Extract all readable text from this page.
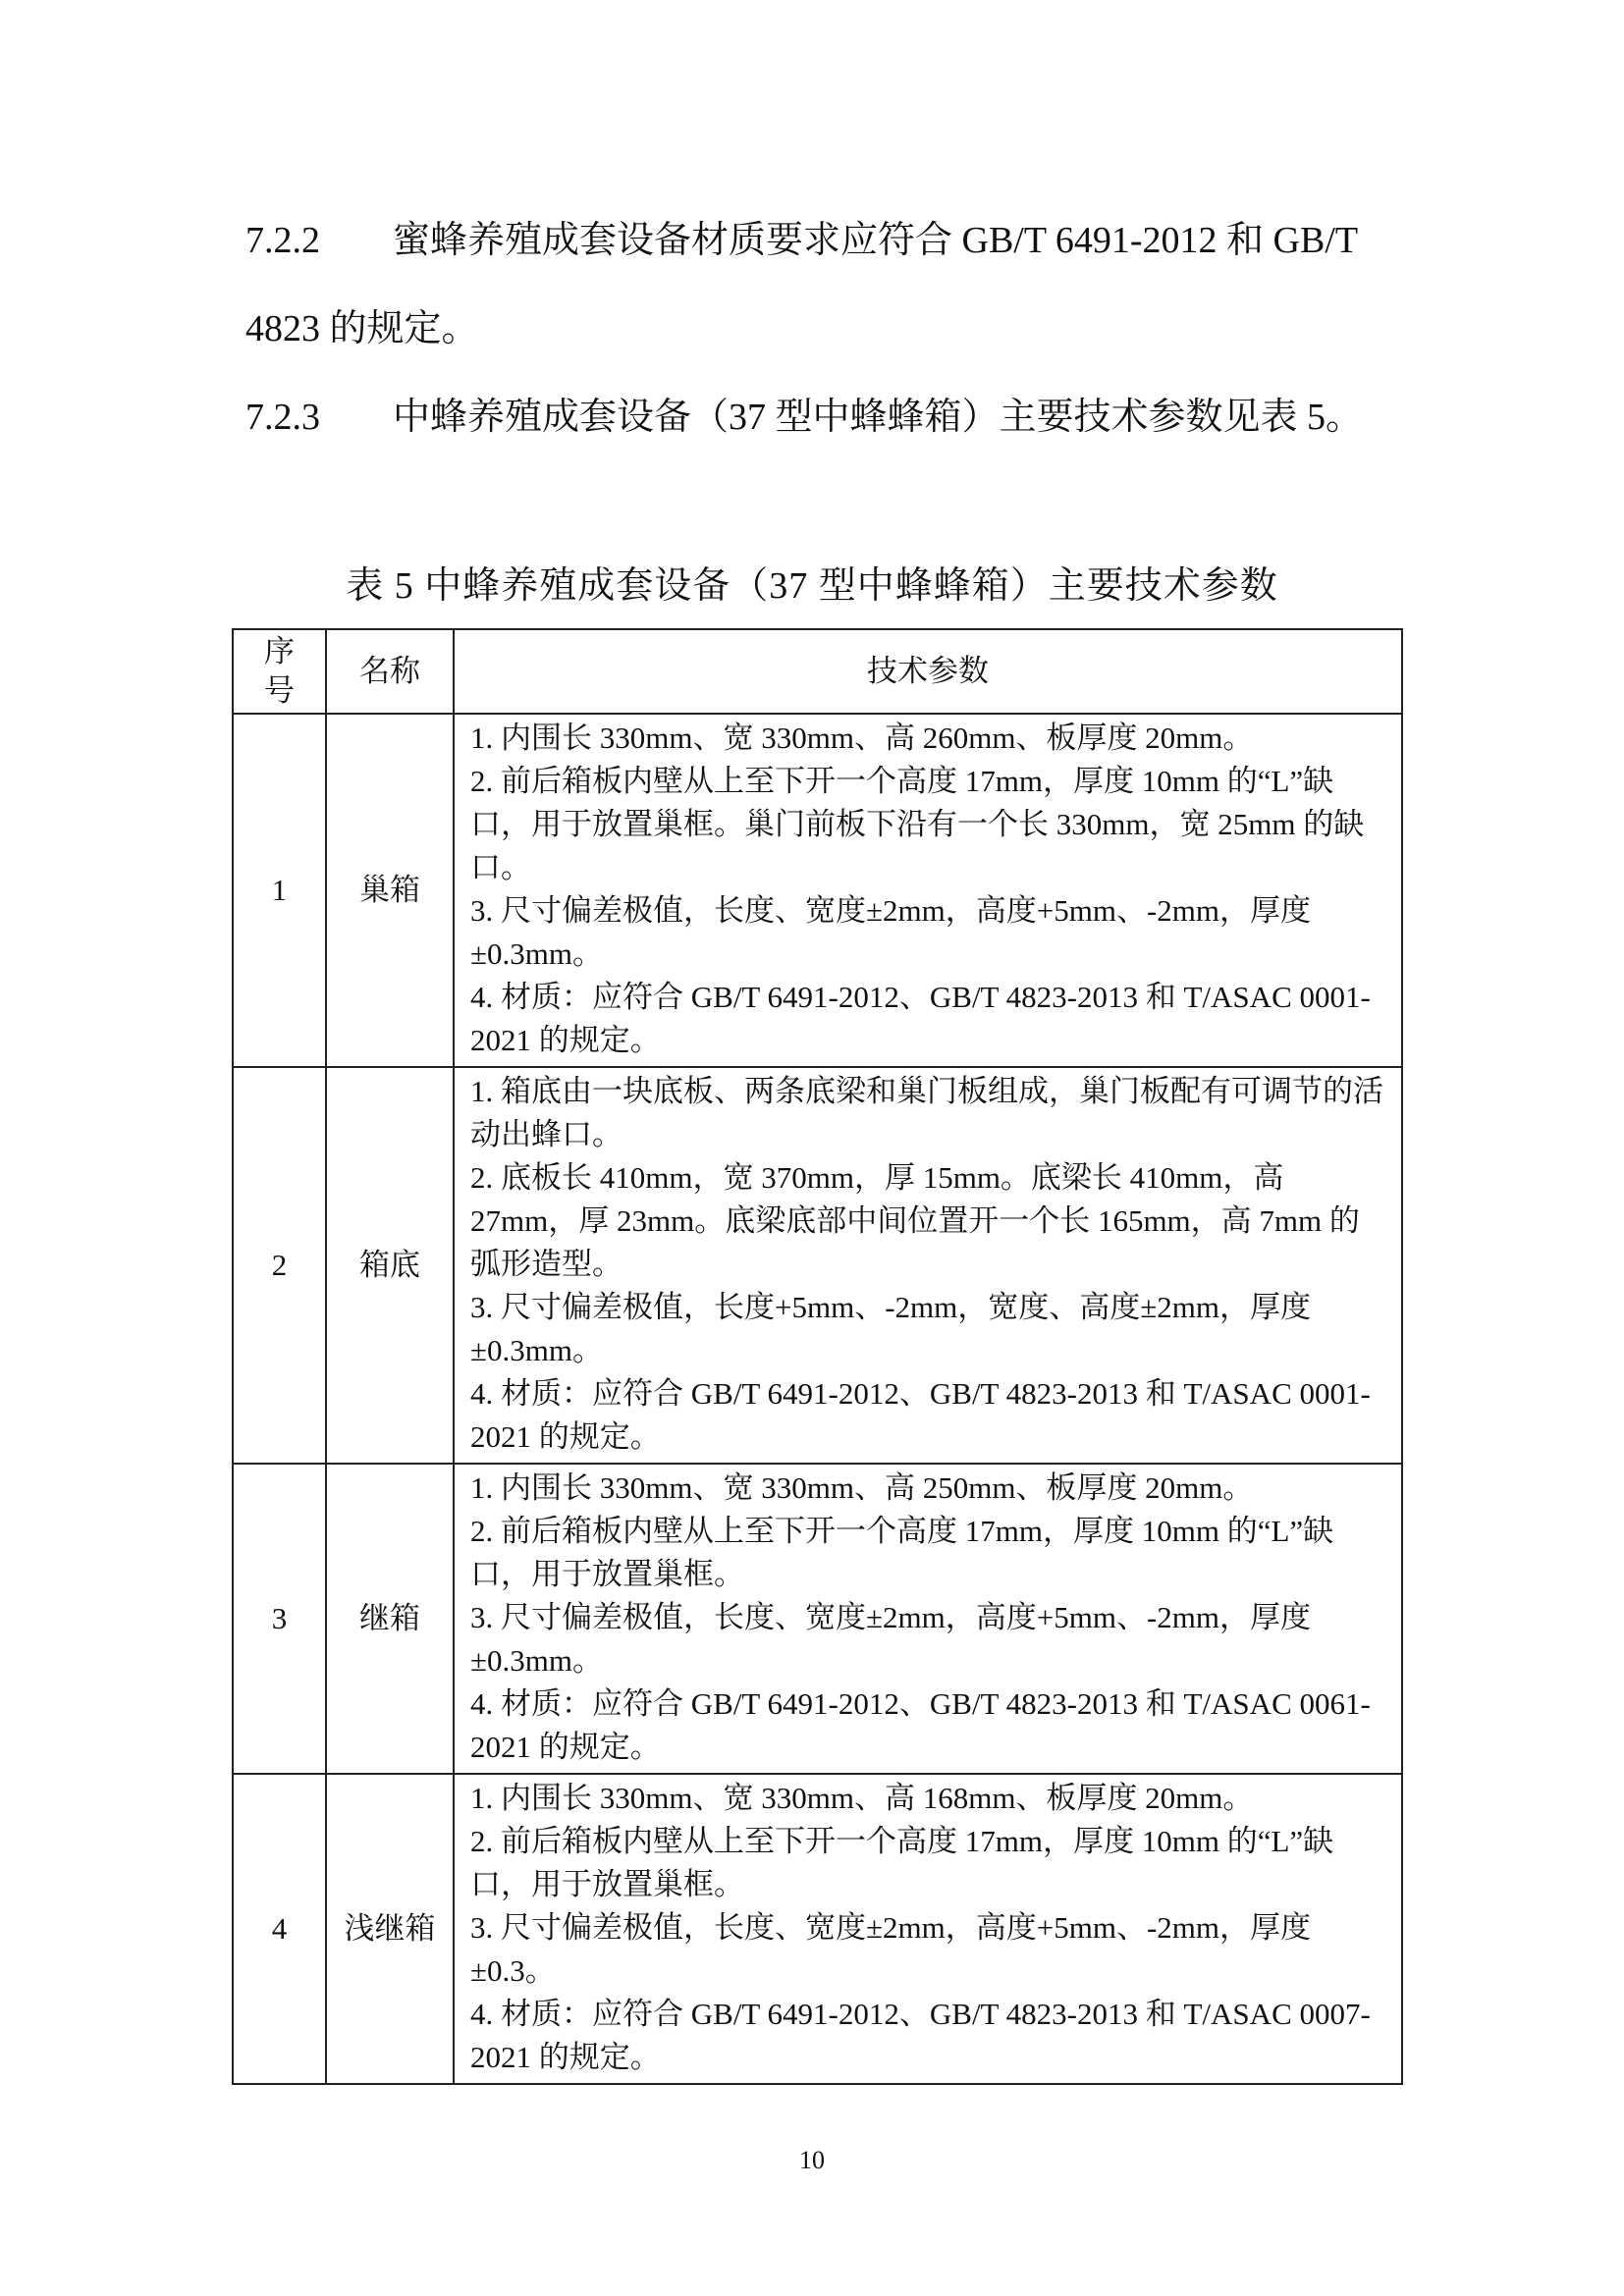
7.2.2 蜜蜂养殖成套设备材质要求应符合 GB/T 6491-2012 和 GB/T 4823 的规定。

7.2.3 中蜂养殖成套设备（37 型中蜂蜂箱）主要技术参数见表 5。

表 5 中蜂养殖成套设备（37 型中蜂蜂箱）主要技术参数

序
号	名称	技术参数
1	巢箱	1. 内围长 330mm、宽 330mm、高 260mm、板厚度 20mm。
2. 前后箱板内壁从上至下开一个高度 17mm，厚度 10mm 的“L”缺口，用于放置巢框。巢门前板下沿有一个长 330mm，宽 25mm 的缺口。
3. 尺寸偏差极值，长度、宽度±2mm，高度+5mm、-2mm，厚度±0.3mm。
4. 材质：应符合 GB/T 6491-2012、GB/T 4823-2013 和 T/ASAC 0001-2021 的规定。

2	箱底	1. 箱底由一块底板、两条底梁和巢门板组成，巢门板配有可调节的活动出蜂口。
2. 底板长 410mm，宽 370mm，厚 15mm。底梁长 410mm，高 27mm，厚 23mm。底梁底部中间位置开一个长 165mm，高 7mm 的弧形造型。
3. 尺寸偏差极值，长度+5mm、-2mm，宽度、高度±2mm，厚度±0.3mm。
4. 材质：应符合 GB/T 6491-2012、GB/T 4823-2013 和 T/ASAC 0001-2021 的规定。

3	继箱	1. 内围长 330mm、宽 330mm、高 250mm、板厚度 20mm。
2. 前后箱板内壁从上至下开一个高度 17mm，厚度 10mm 的“L”缺口，用于放置巢框。
3. 尺寸偏差极值，长度、宽度±2mm，高度+5mm、-2mm，厚度±0.3mm。
4. 材质：应符合 GB/T 6491-2012、GB/T 4823-2013 和 T/ASAC 0061-2021 的规定。

4	浅继箱	1. 内围长 330mm、宽 330mm、高 168mm、板厚度 20mm。
2. 前后箱板内壁从上至下开一个高度 17mm，厚度 10mm 的“L”缺口，用于放置巢框。
3. 尺寸偏差极值，长度、宽度±2mm，高度+5mm、-2mm，厚度±0.3。
4. 材质：应符合 GB/T 6491-2012、GB/T 4823-2013 和 T/ASAC 0007-2021 的规定。
10
